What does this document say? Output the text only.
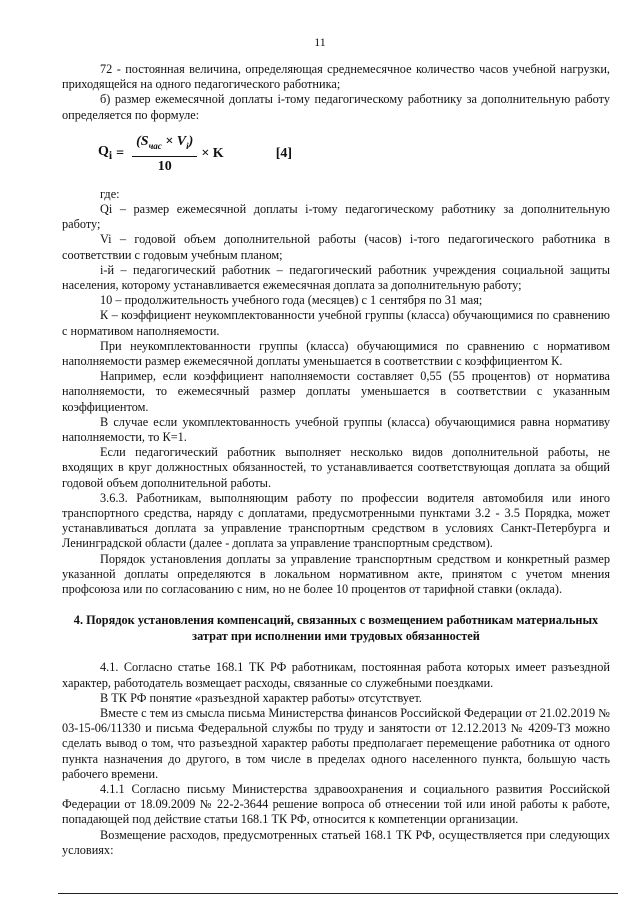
11

72 - постоянная величина, определяющая среднемесячное количество часов учебной нагрузки, приходящейся на одного педагогического работника;

б) размер ежемесячной доплаты i-тому педагогическому работнику за дополнительную работу определяется по формуле:

$Q_i = \frac{(S_{час} \times V_i)}{10} \times K$	[4]

где:

Qi – размер ежемесячной доплаты i-тому педагогическому работнику за дополнительную работу;

Vi – годовой объем дополнительной работы (часов) i-того педагогического работника в соответствии с годовым учебным планом;

i-й – педагогический работник – педагогический работник учреждения социальной защиты населения, которому устанавливается ежемесячная доплата за дополнительную работу;

10 – продолжительность учебного года (месяцев) с 1 сентября по 31 мая;

К – коэффициент неукомплектованности учебной группы (класса) обучающимися по сравнению с нормативом наполняемости.

При неукомплектованности группы (класса) обучающимися по сравнению с нормативом наполняемости размер ежемесячной доплаты уменьшается в соответствии с коэффициентом К.

Например, если коэффициент наполняемости составляет 0,55 (55 процентов) от норматива наполняемости, то ежемесячный размер доплаты уменьшается в соответствии с указанным коэффициентом.

В случае если укомплектованность учебной группы (класса) обучающимися равна нормативу наполняемости, то К=1.

Если педагогический работник выполняет несколько видов дополнительной работы, не входящих в круг должностных обязанностей, то устанавливается соответствующая доплата за общий годовой объем дополнительной работы.

3.6.3. Работникам, выполняющим работу по профессии водителя автомобиля или иного транспортного средства, наряду с доплатами, предусмотренными пунктами 3.2 - 3.5 Порядка, может устанавливаться доплата за управление транспортным средством в условиях Санкт-Петербурга и Ленинградской области (далее - доплата за управление транспортным средством).

Порядок установления доплаты за управление транспортным средством и конкретный размер указанной доплаты определяются в локальном нормативном акте, принятом с учетом мнения профсоюза или по согласованию с ним, но не более 10 процентов от тарифной ставки (оклада).

4. Порядок установления компенсаций, связанных с возмещением работникам материальных затрат при исполнении ими трудовых обязанностей

4.1. Согласно статье 168.1 ТК РФ работникам, постоянная работа которых имеет разъездной характер, работодатель возмещает расходы, связанные со служебными поездками.

В ТК РФ понятие «разъездной характер работы» отсутствует.

Вместе с тем из смысла письма Министерства финансов Российской Федерации от 21.02.2019 № 03-15-06/11330 и письма Федеральной службы по труду и занятости от 12.12.2013 № 4209-ТЗ можно сделать вывод о том, что разъездной характер работы предполагает перемещение работника от одного пункта назначения до другого, в том числе в пределах одного населенного пункта, большую часть рабочего времени.

4.1.1 Согласно письму Министерства здравоохранения и социального развития Российской Федерации от 18.09.2009 № 22-2-3644 решение вопроса об отнесении той или иной работы к работе, попадающей под действие статьи 168.1 ТК РФ, относится к компетенции организации.

Возмещение расходов, предусмотренных статьей 168.1 ТК РФ, осуществляется при следующих условиях:
